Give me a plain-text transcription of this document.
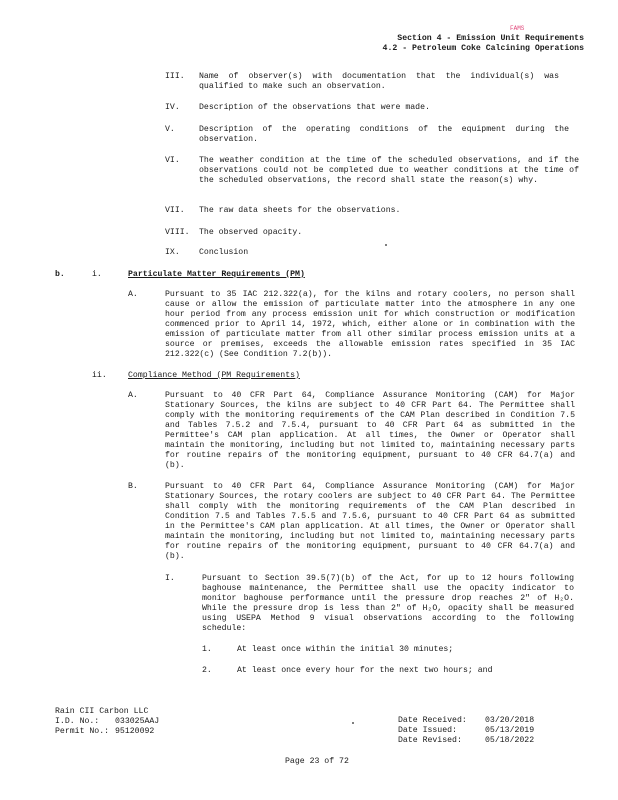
FAMS
Section 4 - Emission Unit Requirements
4.2 - Petroleum Coke Calcining Operations
III. Name of observer(s) with documentation that the individual(s) was qualified to make such an observation.
IV. Description of the observations that were made.
V.	Description of the operating conditions of the equipment during the observation.
VI. The weather condition at the time of the scheduled observations, and if the observations could not be completed due to weather conditions at the time of the scheduled observations, the record shall state the reason(s) why.
VII. The raw data sheets for the observations.
VIII. The observed opacity.
IX. Conclusion
b.	i.	Particulate Matter Requirements (PM)
A.	Pursuant to 35 IAC 212.322(a), for the kilns and rotary coolers, no person shall cause or allow the emission of particulate matter into the atmosphere in any one hour period from any process emission unit for which construction or modification commenced prior to April 14, 1972, which, either alone or in combination with the emission of particulate matter from all other similar process emission units at a source or premises, exceeds the allowable emission rates specified in 35 IAC 212.322(c) (See Condition 7.2(b)).
ii.	Compliance Method (PM Requirements)
A.	Pursuant to 40 CFR Part 64, Compliance Assurance Monitoring (CAM) for Major Stationary Sources, the kilns are subject to 40 CFR Part 64. The Permittee shall comply with the monitoring requirements of the CAM Plan described in Condition 7.5 and Tables 7.5.2 and 7.5.4, pursuant to 40 CFR Part 64 as submitted in the Permittee's CAM plan application. At all times, the Owner or Operator shall maintain the monitoring, including but not limited to, maintaining necessary parts for routine repairs of the monitoring equipment, pursuant to 40 CFR 64.7(a) and (b).
B.	Pursuant to 40 CFR Part 64, Compliance Assurance Monitoring (CAM) for Major Stationary Sources, the rotary coolers are subject to 40 CFR Part 64. The Permittee shall comply with the monitoring requirements of the CAM Plan described in Condition 7.5 and Tables 7.5.5 and 7.5.6, pursuant to 40 CFR Part 64 as submitted in the Permittee's CAM plan application. At all times, the Owner or Operator shall maintain the monitoring, including but not limited to, maintaining necessary parts for routine repairs of the monitoring equipment, pursuant to 40 CFR 64.7(a) and (b).
I.	Pursuant to Section 39.5(7)(b) of the Act, for up to 12 hours following baghouse maintenance, the Permittee shall use the opacity indicator to monitor baghouse performance until the pressure drop reaches 2" of H₂O. While the pressure drop is less than 2" of H₂O, opacity shall be measured using USEPA Method 9 visual observations according to the following schedule:
1.	At least once within the initial 30 minutes;
2.	At least once every hour for the next two hours; and
Rain CII Carbon LLC
I.D. No.: 033025AAJ
Permit No.: 95120092
Date Received: 03/20/2018
Date Issued:	05/13/2019
Date Revised:	05/18/2022
Page 23 of 72
